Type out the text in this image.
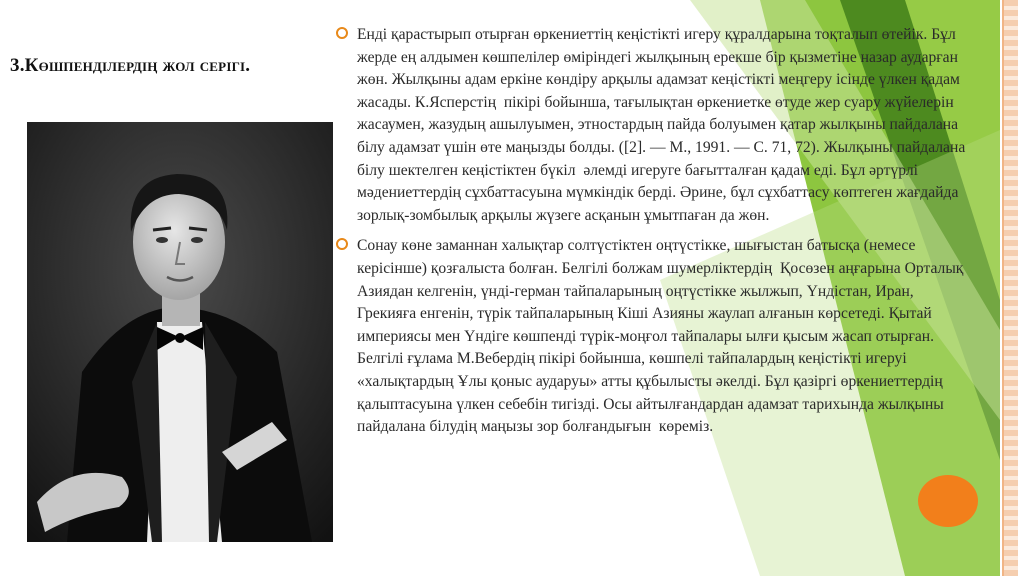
3.Көшпенділердің жол серігі.
Енді қарастырып отырған өркениеттің кеңістікті игеру құралдарына тоқталып өтейік. Бұл жерде ең алдымен көшпелілер өміріндегі жылқының ерекше бір қызметіне назар аударған жөн. Жылқыны адам еркіне көндіру арқылы адамзат кеңістікті меңгеру ісінде үлкен қадам жасады. К.Ясперстің  пікірі бойынша, тағылықтан өркениетке өтуде жер суару жүйелерін жасаумен, жазудың ашылуымен, этностардың пайда болуымен қатар жылқыны пайдалана білу адамзат үшін өте маңызды болды. ([2]. — М., 1991. — С. 71, 72). Жылқыны пайдалана білу шектелген кеңістіктен бүкіл  әлемді игеруге бағытталған қадам еді. Бұл әртүрлі мәдениеттердің сұхбаттасуына мүмкіндік берді. Әрине, бұл сұхбаттасу көптеген жағдайда зорлық-зомбылық арқылы жүзеге асқанын ұмытпаған да жөн.
Сонау көне заманнан халықтар солтүстіктен оңтүстікке, шығыстан батысқа (немесе керісінше) қозғалыста болған. Белгілі болжам шумерліктердің  Қосөзен аңғарына Орталық Азиядан келгенін, үнді-герман тайпаларының оңтүстікке жылжып, Үндістан, Иран, Грекияға енгенін, түрік тайпаларының Кіші Азияны жаулап алғанын көрсетеді. Қытай империясы мен Үндіге көшпенді түрік-моңғол тайпалары ылғи қысым жасап отырған. Белгілі ғұлама М.Вебердің пікірі бойынша, көшпелі тайпалардың кеңістікті игеруі «халықтардың Ұлы қоныс аударуы» атты құбылысты әкелді. Бұл қазіргі өркениеттердің қалыптасуына үлкен себебін тигізді. Осы айтылғандардан адамзат тарихында жылқыны пайдалана білудің маңызы зор болғандығын  көреміз.
